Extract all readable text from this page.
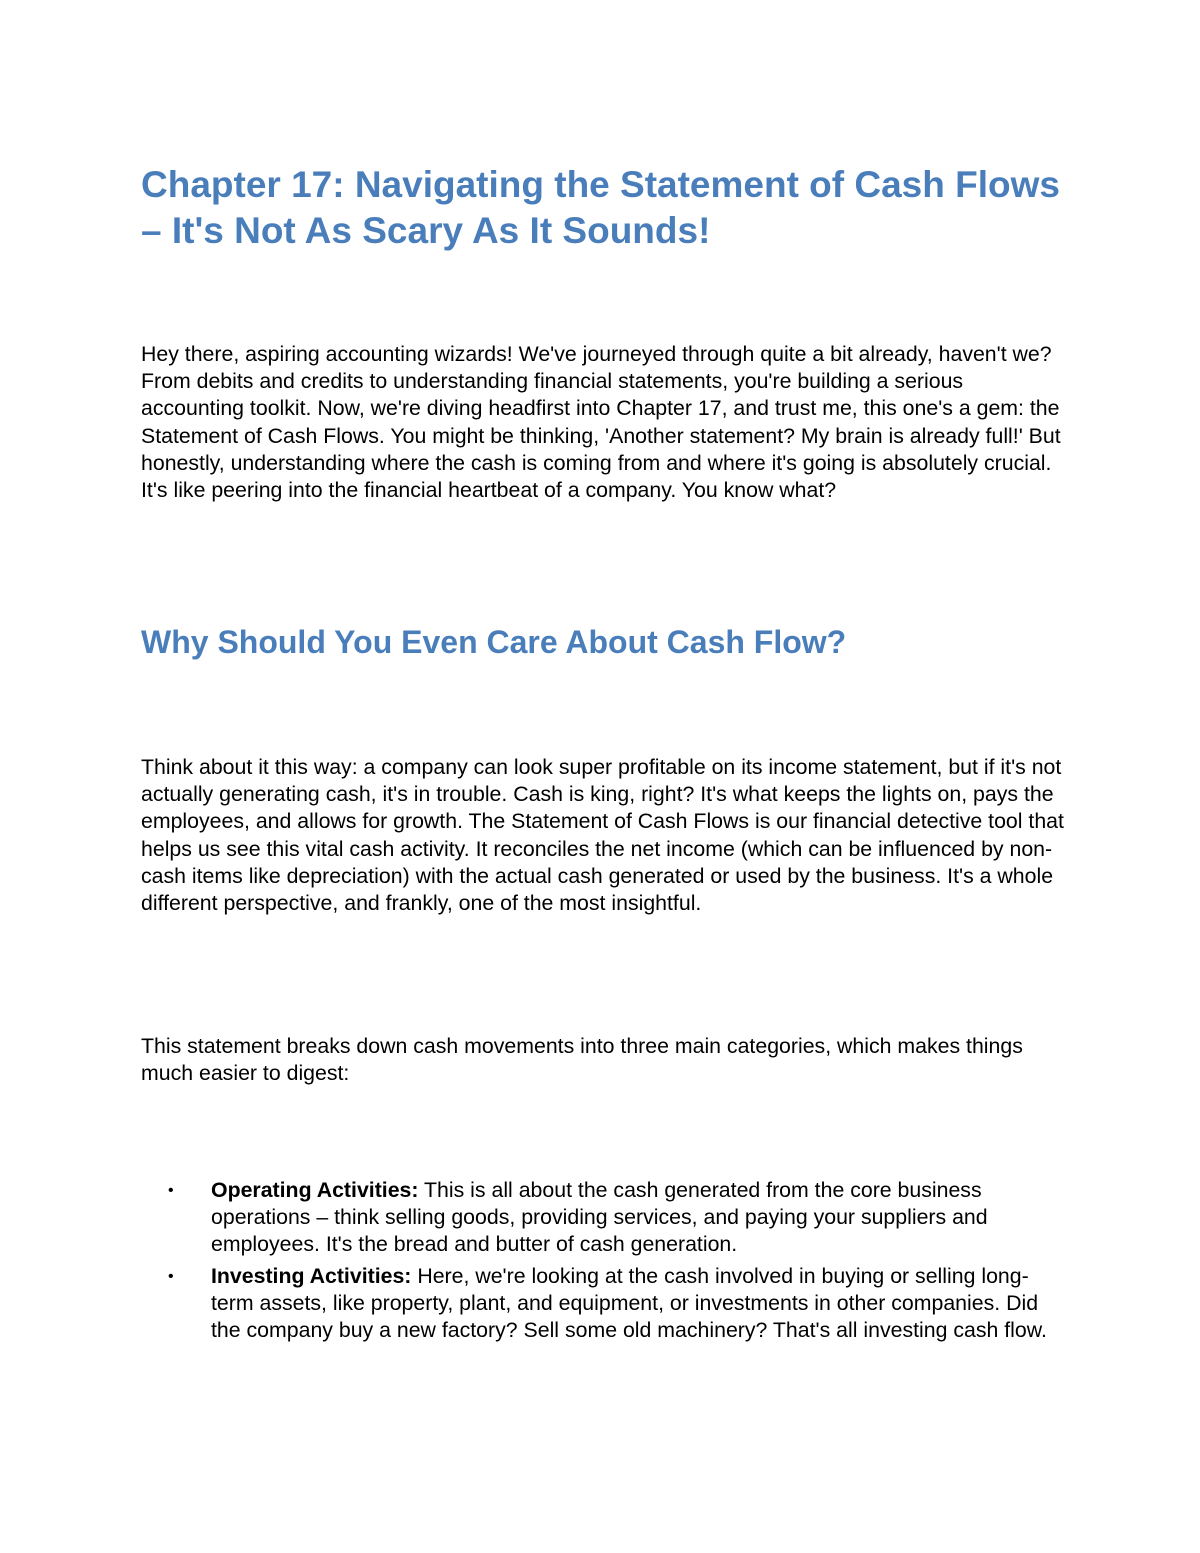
Chapter 17: Navigating the Statement of Cash Flows – It's Not As Scary As It Sounds!

Hey there, aspiring accounting wizards! We've journeyed through quite a bit already, haven't we? From debits and credits to understanding financial statements, you're building a serious accounting toolkit. Now, we're diving headfirst into Chapter 17, and trust me, this one's a gem: the Statement of Cash Flows. You might be thinking, 'Another statement? My brain is already full!' But honestly, understanding where the cash is coming from and where it's going is absolutely crucial. It's like peering into the financial heartbeat of a company. You know what?

Why Should You Even Care About Cash Flow?

Think about it this way: a company can look super profitable on its income statement, but if it's not actually generating cash, it's in trouble. Cash is king, right? It's what keeps the lights on, pays the employees, and allows for growth. The Statement of Cash Flows is our financial detective tool that helps us see this vital cash activity. It reconciles the net income (which can be influenced by non-cash items like depreciation) with the actual cash generated or used by the business. It's a whole different perspective, and frankly, one of the most insightful.

This statement breaks down cash movements into three main categories, which makes things much easier to digest:

• Operating Activities: This is all about the cash generated from the core business operations – think selling goods, providing services, and paying your suppliers and employees. It's the bread and butter of cash generation.
• Investing Activities: Here, we're looking at the cash involved in buying or selling long-term assets, like property, plant, and equipment, or investments in other companies. Did the company buy a new factory? Sell some old machinery? That's all investing cash flow.
